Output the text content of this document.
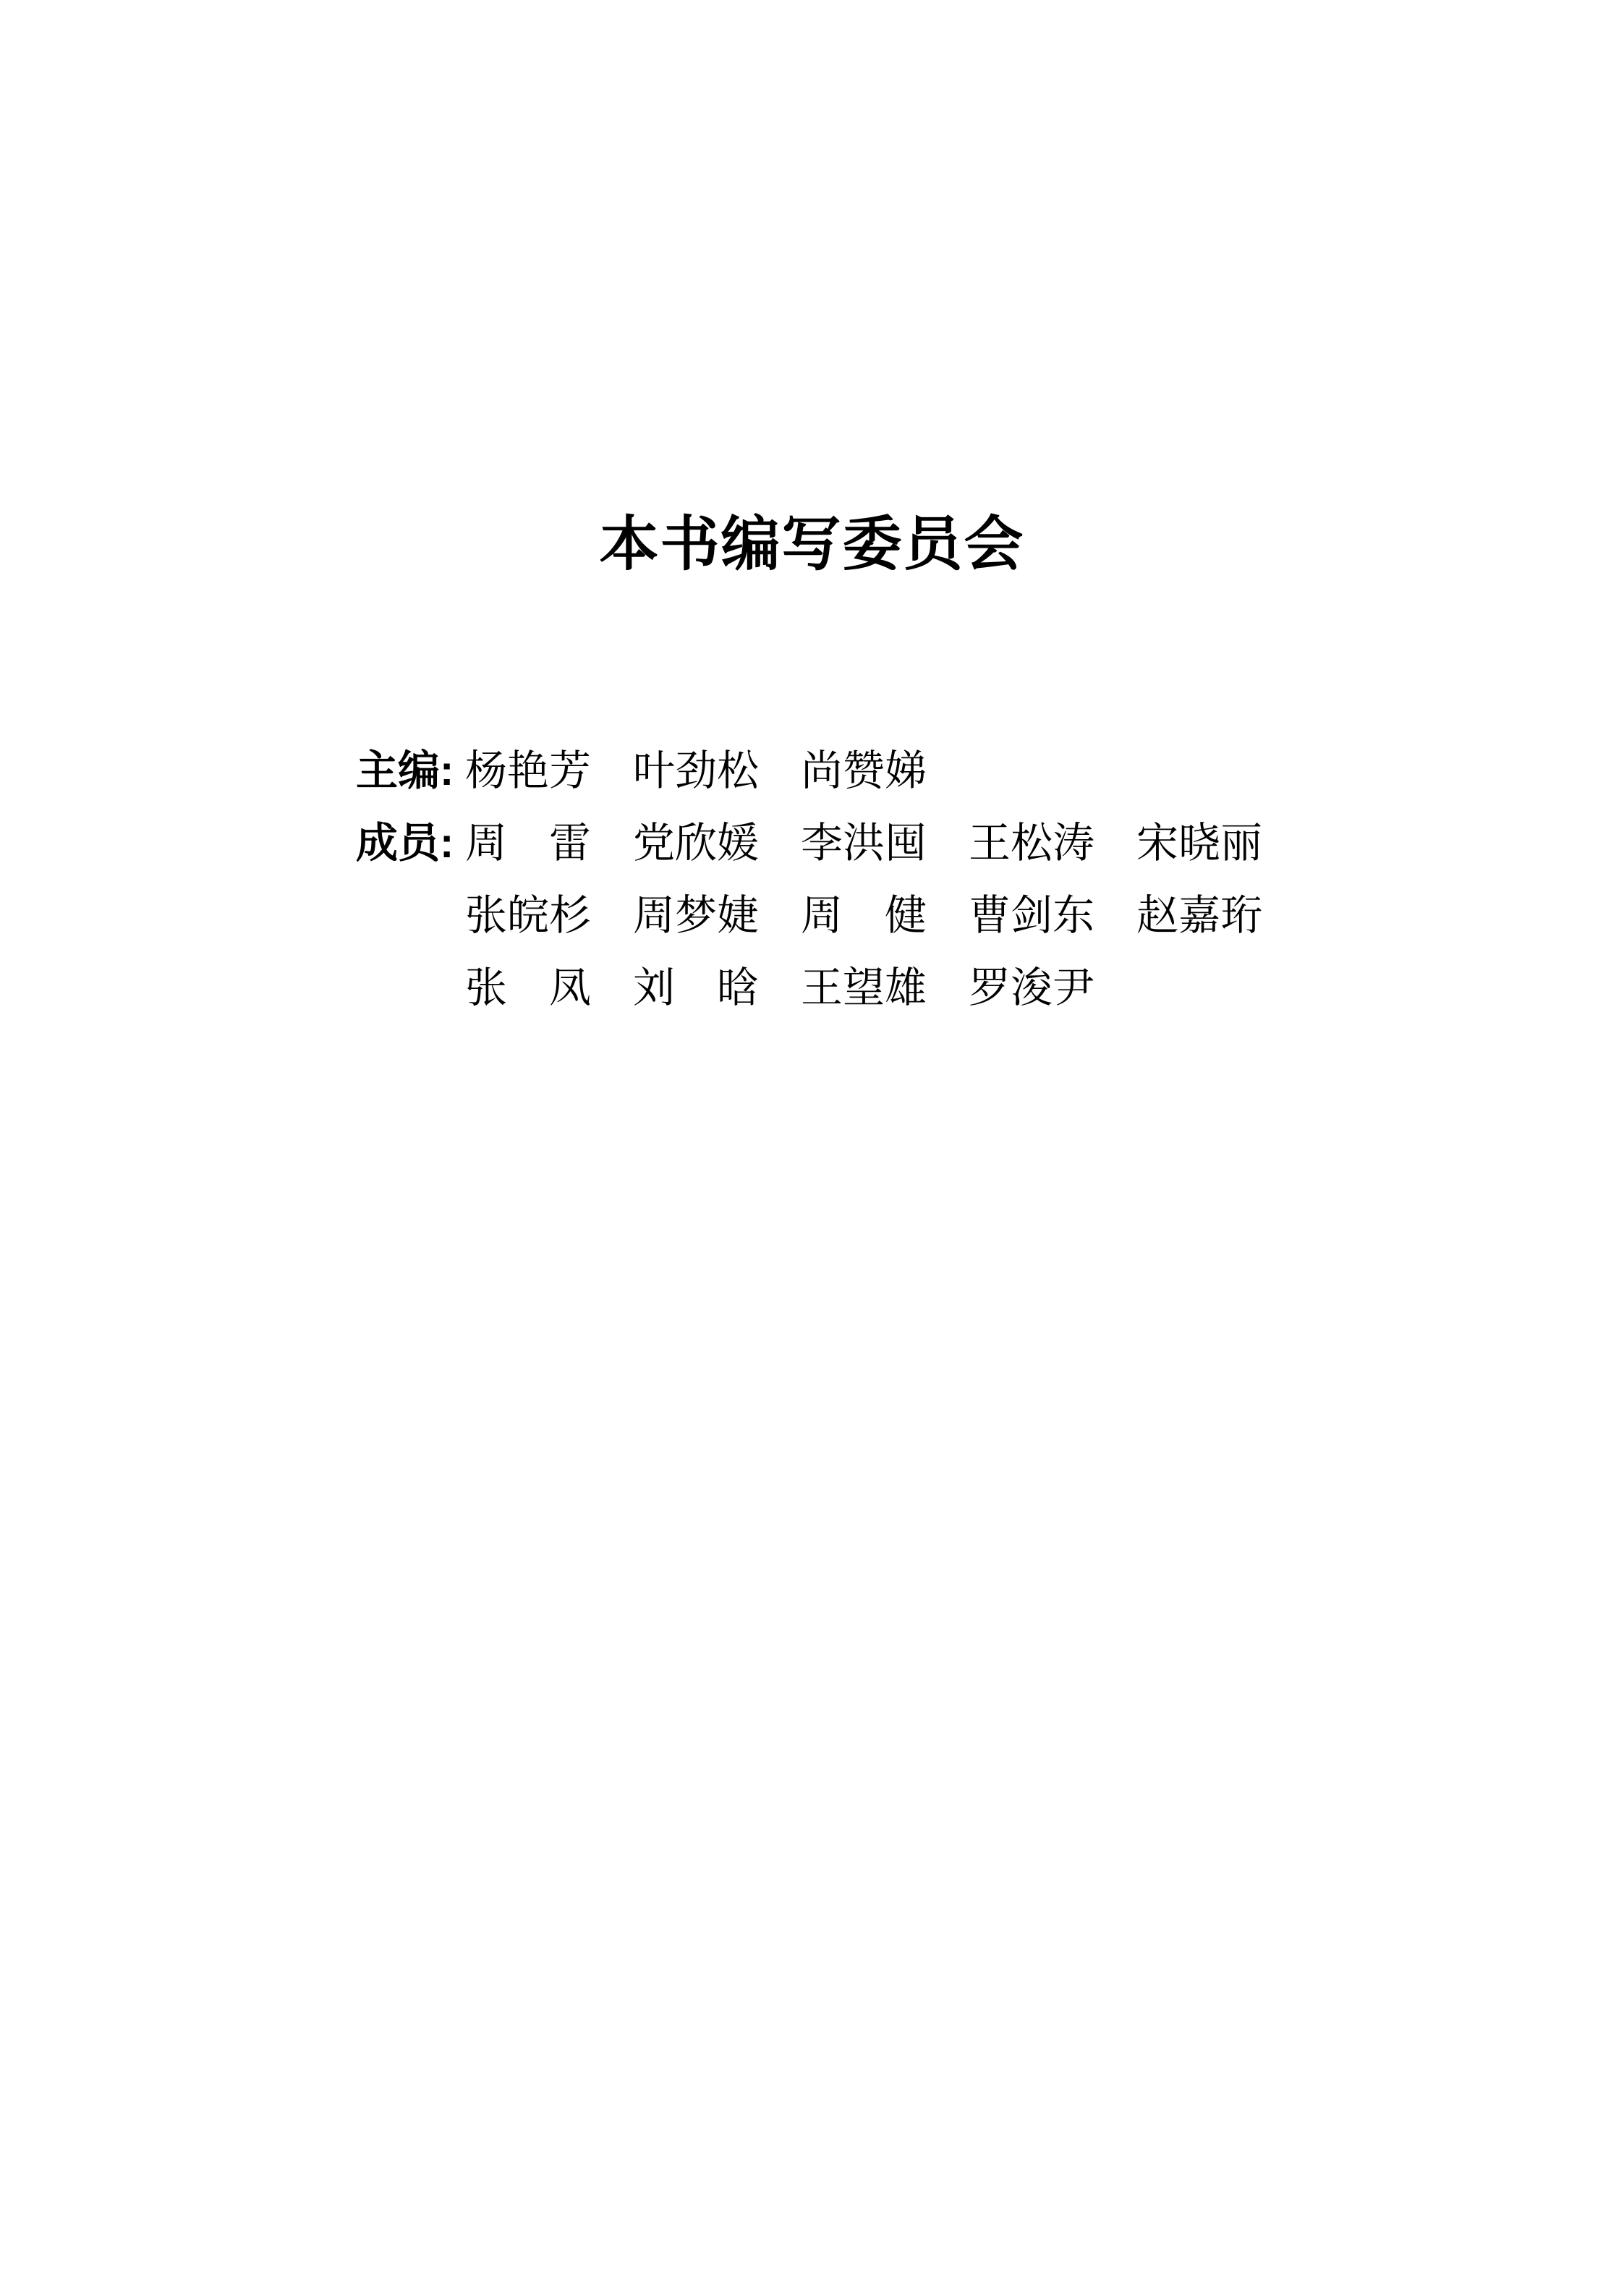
本书编写委员会
主编: 杨艳芳　叶劲松　尚赞娣
成员: 周　雷　党欣媛　李洪囤　王松涛　宋晓丽
张皖杉　周梦婕　周　健　曹剑东　赵嘉珩
张　凤　刘　晗　王望雄　罗浚尹
